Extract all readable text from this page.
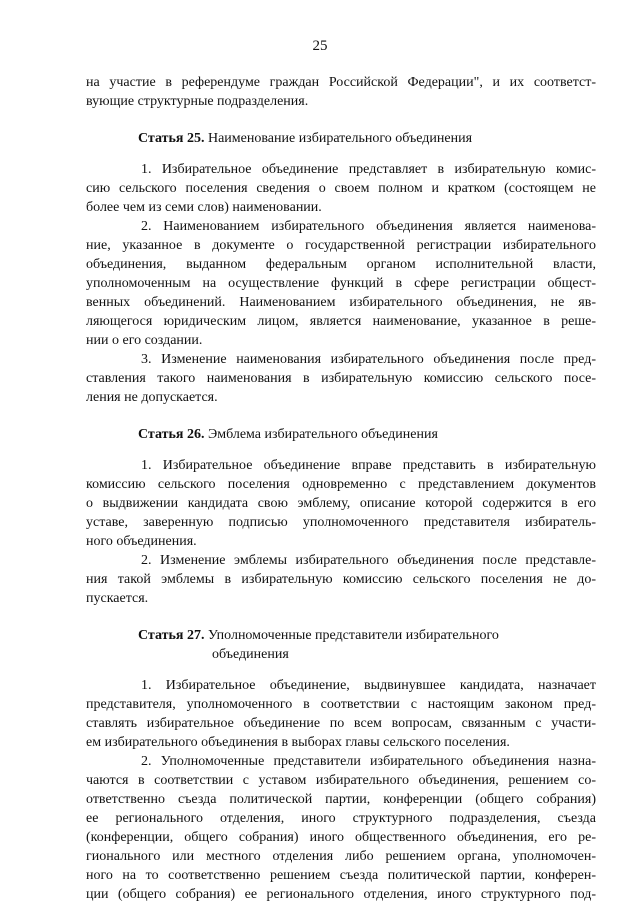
25
на участие в референдуме граждан Российской Федерации", и их соответст-
вующие структурные подразделения.
Статья 25. Наименование избирательного объединения
1. Избирательное объединение представляет в избирательную комис-
сию сельского поселения сведения о своем полном и кратком (состоящем не
более чем из семи слов) наименовании.
2. Наименованием избирательного объединения является наименова-
ние, указанное в документе о государственной регистрации избирательного
объединения, выданном федеральным органом исполнительной власти,
уполномоченным на осуществление функций в сфере регистрации общест-
венных объединений. Наименованием избирательного объединения, не яв-
ляющегося юридическим лицом, является наименование, указанное в реше-
нии о его создании.
3. Изменение наименования избирательного объединения после пред-
ставления такого наименования в избирательную комиссию сельского посе-
ления не допускается.
Статья 26. Эмблема избирательного объединения
1. Избирательное объединение вправе представить в избирательную
комиссию сельского поселения одновременно с представлением документов
о выдвижении кандидата свою эмблему, описание которой содержится в его
уставе, заверенную подписью уполномоченного представителя избиратель-
ного объединения.
2. Изменение эмблемы избирательного объединения после представле-
ния такой эмблемы в избирательную комиссию сельского поселения не до-
пускается.
Статья 27. Уполномоченные представители избирательного
объединения
1. Избирательное объединение, выдвинувшее кандидата, назначает
представителя, уполномоченного в соответствии с настоящим законом пред-
ставлять избирательное объединение по всем вопросам, связанным с участи-
ем избирательного объединения в выборах главы сельского поселения.
2. Уполномоченные представители избирательного объединения назна-
чаются в соответствии с уставом избирательного объединения, решением со-
ответственно съезда политической партии, конференции (общего собрания)
ее регионального отделения, иного структурного подразделения, съезда
(конференции, общего собрания) иного общественного объединения, его ре-
гионального или местного отделения либо решением органа, уполномочен-
ного на то соответственно решением съезда политической партии, конферен-
ции (общего собрания) ее регионального отделения, иного структурного под-
